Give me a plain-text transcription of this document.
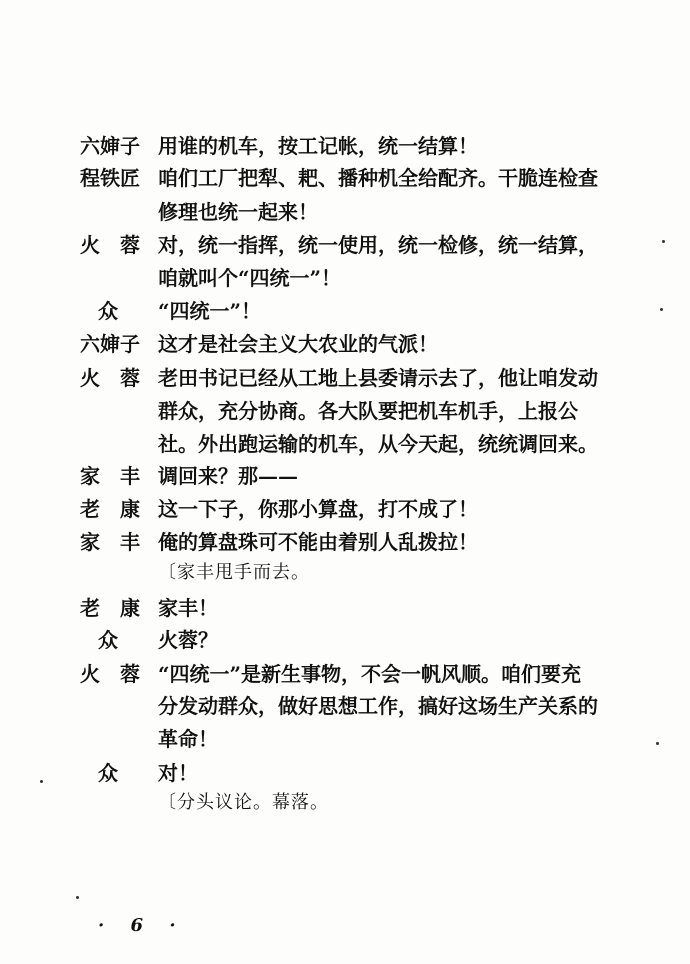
六婶子 用谁的机车，按工记帐，统一结算！
程铁匠 咱们工厂把犁、耙、播种机全给配齐。干脆连检查
修理也统一起来！
火　蓉 对，统一指挥，统一使用，统一检修，统一结算，
咱就叫个“四统一”！
众	“四统一”！
六婶子 这才是社会主义大农业的气派！
火　蓉 老田书记已经从工地上县委请示去了，他让咱发动
群众，充分协商。各大队要把机车机手，上报公
社。外出跑运输的机车，从今天起，统统调回来。
家　丰 调回来？那——
老　康 这一下子，你那小算盘，打不成了！
家　丰 俺的算盘珠可不能由着别人乱拨拉！
〔家丰甩手而去。
老　康 家丰！
众	火蓉？
火　蓉 “四统一”是新生事物，不会一帆风顺。咱们要充
分发动群众，做好思想工作，搞好这场生产关系的
革命！
众	对！
〔分头议论。幕落。
· 6 ·
